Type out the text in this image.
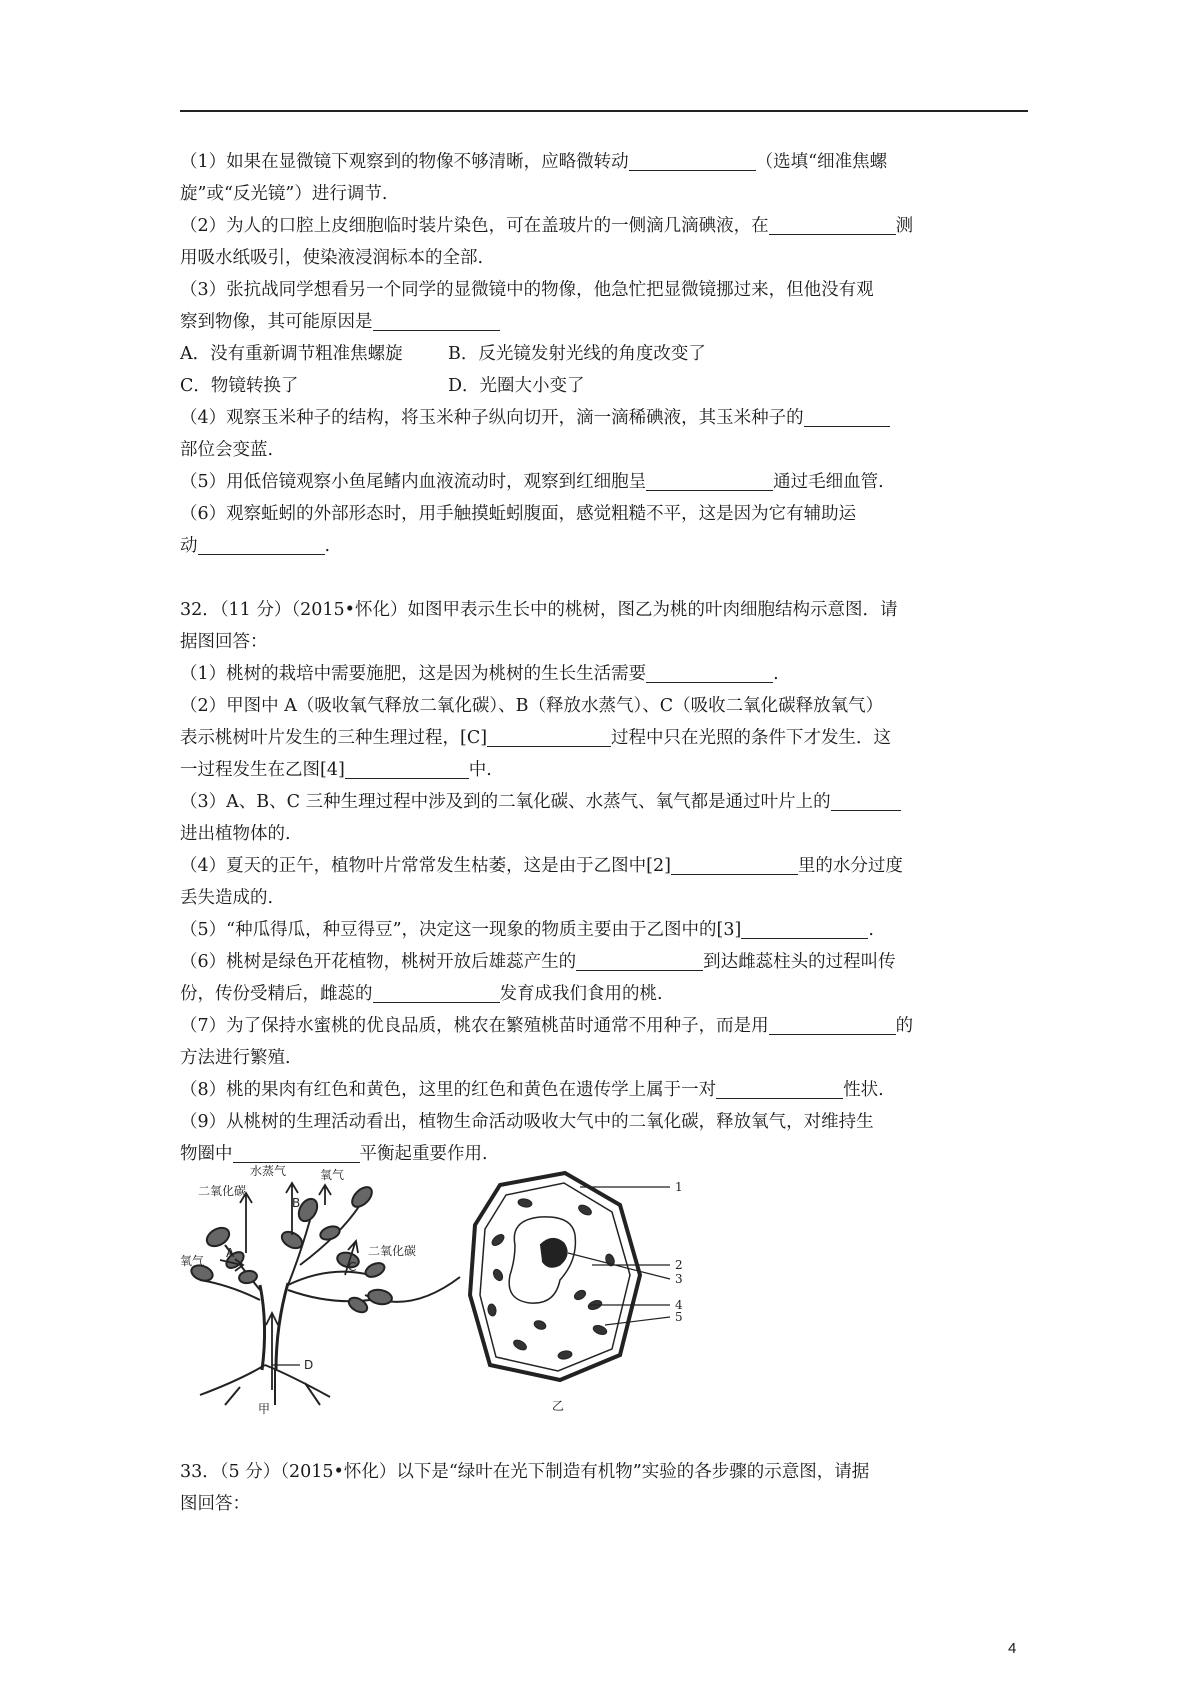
（1）如果在显微镜下观察到的物像不够清晰，应略微转动	（选填“细准焦螺

旋”或“反光镜”）进行调节.

（2）为人的口腔上皮细胞临时装片染色，可在盖玻片的一侧滴几滴碘液，在	测

用吸水纸吸引，使染液浸润标本的全部.

（3）张抗战同学想看另一个同学的显微镜中的物像，他急忙把显微镜挪过来，但他没有观

察到物像，其可能原因是

A．没有重新调节粗准焦螺旋	B．反光镜发射光线的角度改变了

C．物镜转换了	D．光圈大小变了

（4）观察玉米种子的结构，将玉米种子纵向切开，滴一滴稀碘液，其玉米种子的

部位会变蓝.

（5）用低倍镜观察小鱼尾鳍内血液流动时，观察到红细胞呈	通过毛细血管.

（6）观察蚯蚓的外部形态时，用手触摸蚯蚓腹面，感觉粗糙不平，这是因为它有辅助运

动	.

32．（11 分）（2015•怀化）如图甲表示生长中的桃树，图乙为桃的叶肉细胞结构示意图．请

据图回答：

（1）桃树的栽培中需要施肥，这是因为桃树的生长生活需要	.

（2）甲图中 A（吸收氧气释放二氧化碳）、B（释放水蒸气）、C（吸收二氧化碳释放氧气）

表示桃树叶片发生的三种生理过程，[C]	过程中只在光照的条件下才发生．这

一过程发生在乙图[4]	中.

（3）A、B、C 三种生理过程中涉及到的二氧化碳、水蒸气、氧气都是通过叶片上的

进出植物体的.

（4）夏天的正午，植物叶片常常发生枯萎，这是由于乙图中[2]	里的水分过度

丢失造成的.

（5）“种瓜得瓜，种豆得豆”，决定这一现象的物质主要由于乙图中的[3]	.

（6）桃树是绿色开花植物，桃树开放后雄蕊产生的	到达雌蕊柱头的过程叫传

份，传份受精后，雌蕊的	发育成我们食用的桃.

（7）为了保持水蜜桃的优良品质，桃农在繁殖桃苗时通常不用种子，而是用	的

方法进行繁殖.

（8）桃的果肉有红色和黄色，这里的红色和黄色在遗传学上属于一对	性状.

（9）从桃树的生理活动看出，植物生命活动吸收大气中的二氧化碳，释放氧气，对维持生

物圈中	平衡起重要作用.

水蒸气
二氧化碳
氧气
氧气
二氧化碳
A
B
C
D
甲
1
2
3
4
5
乙

33．（5 分）（2015•怀化）以下是“绿叶在光下制造有机物”实验的各步骤的示意图，请据

图回答：

4
